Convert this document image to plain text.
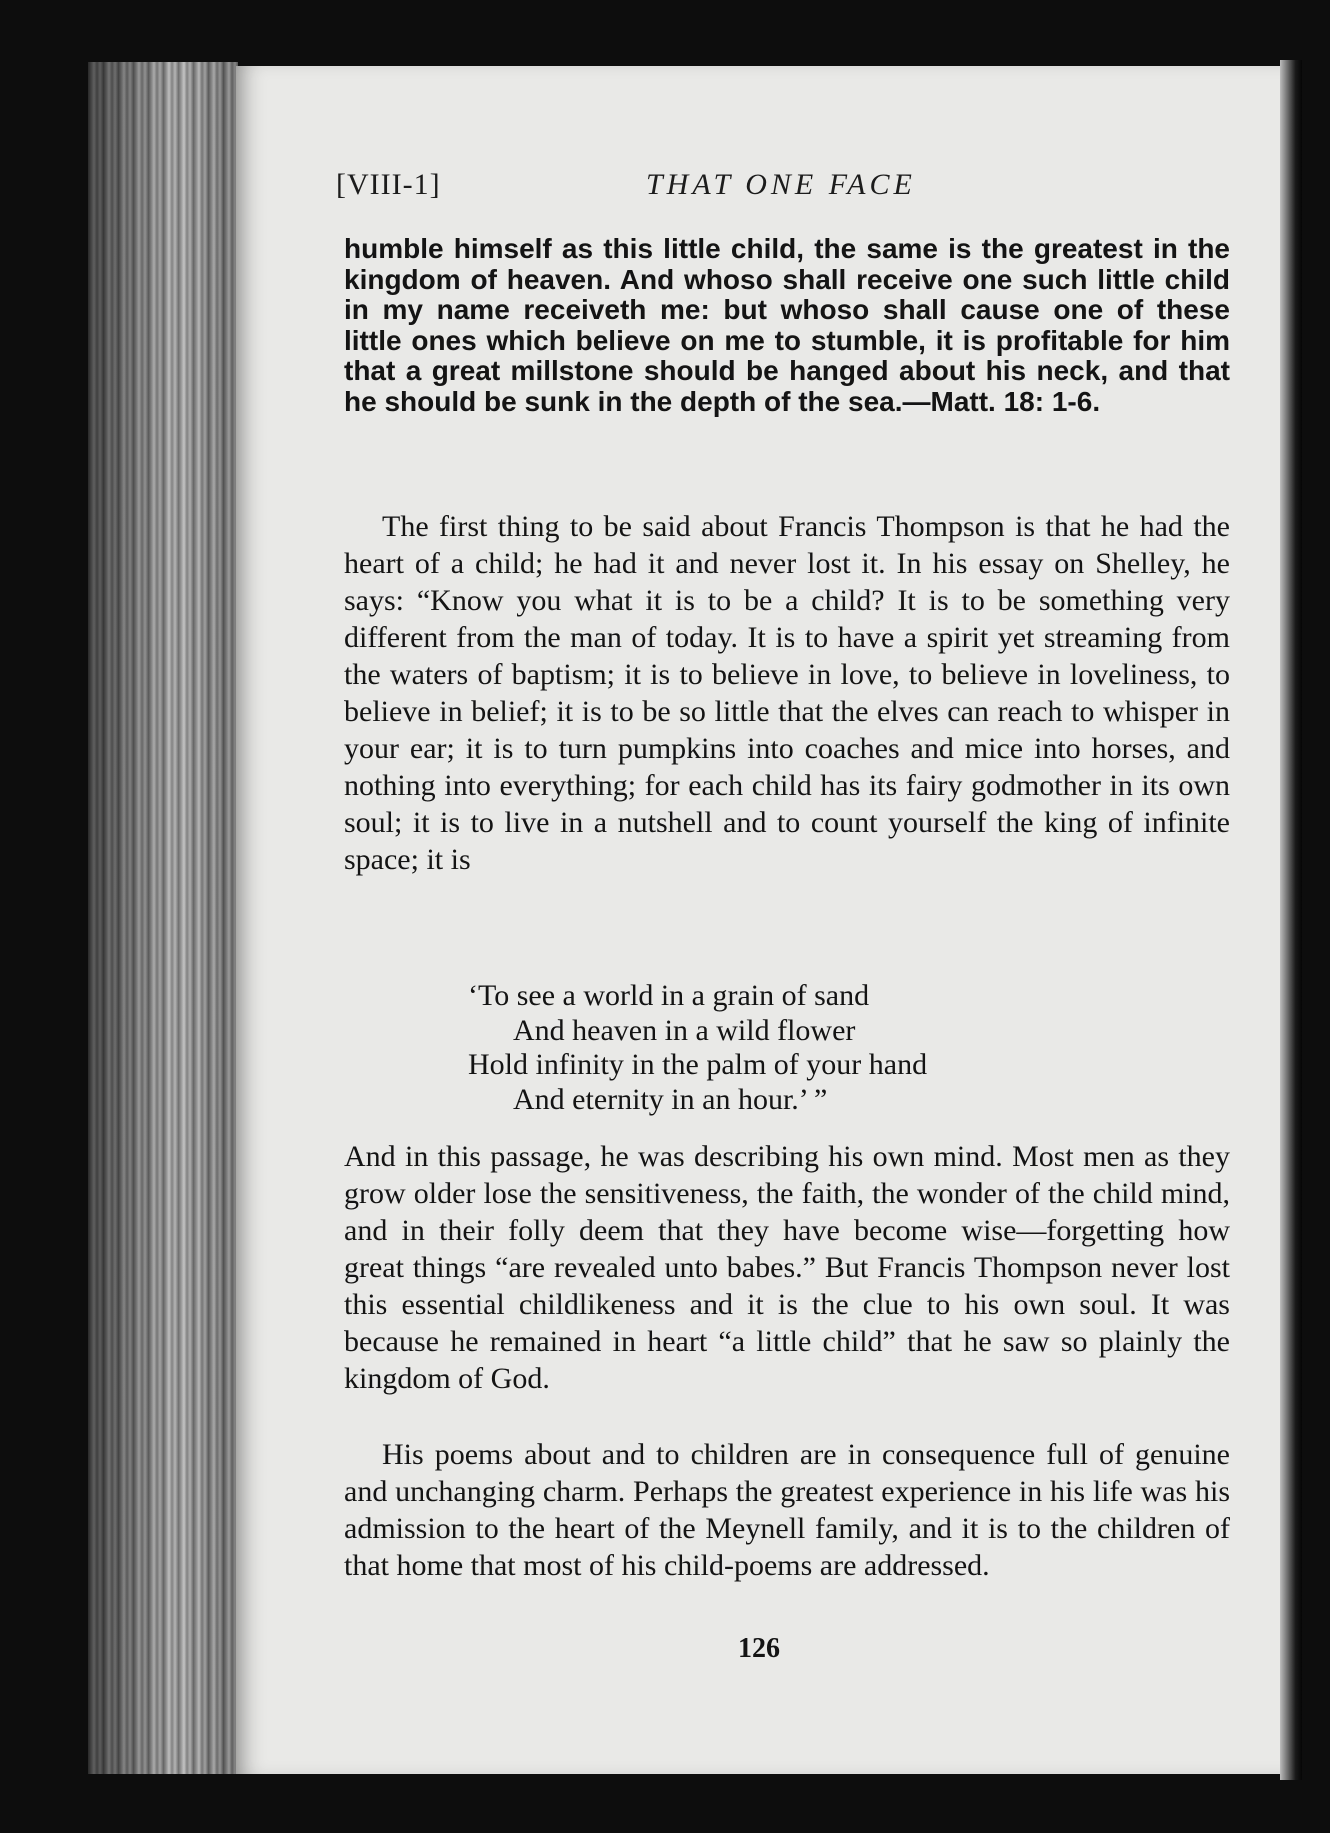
[VIII-1]	THAT ONE FACE

humble himself as this little child, the same is the greatest in the kingdom of heaven. And whoso shall receive one such little child in my name receiveth me: but whoso shall cause one of these little ones which believe on me to stumble, it is profitable for him that a great millstone should be hanged about his neck, and that he should be sunk in the depth of the sea.—Matt. 18: 1-6.

The first thing to be said about Francis Thompson is that he had the heart of a child; he had it and never lost it. In his essay on Shelley, he says: “Know you what it is to be a child? It is to be something very different from the man of today. It is to have a spirit yet streaming from the waters of baptism; it is to believe in love, to believe in loveliness, to believe in belief; it is to be so little that the elves can reach to whisper in your ear; it is to turn pumpkins into coaches and mice into horses, and nothing into everything; for each child has its fairy godmother in its own soul; it is to live in a nutshell and to count yourself the king of infinite space; it is

‘To see a world in a grain of sand
And heaven in a wild flower
Hold infinity in the palm of your hand
And eternity in an hour.’ ”

And in this passage, he was describing his own mind. Most men as they grow older lose the sensitiveness, the faith, the wonder of the child mind, and in their folly deem that they have become wise—forgetting how great things “are revealed unto babes.” But Francis Thompson never lost this essential childlikeness and it is the clue to his own soul. It was because he remained in heart “a little child” that he saw so plainly the kingdom of God.

His poems about and to children are in consequence full of genuine and unchanging charm. Perhaps the greatest experience in his life was his admission to the heart of the Meynell family, and it is to the children of that home that most of his child-poems are addressed.

126
